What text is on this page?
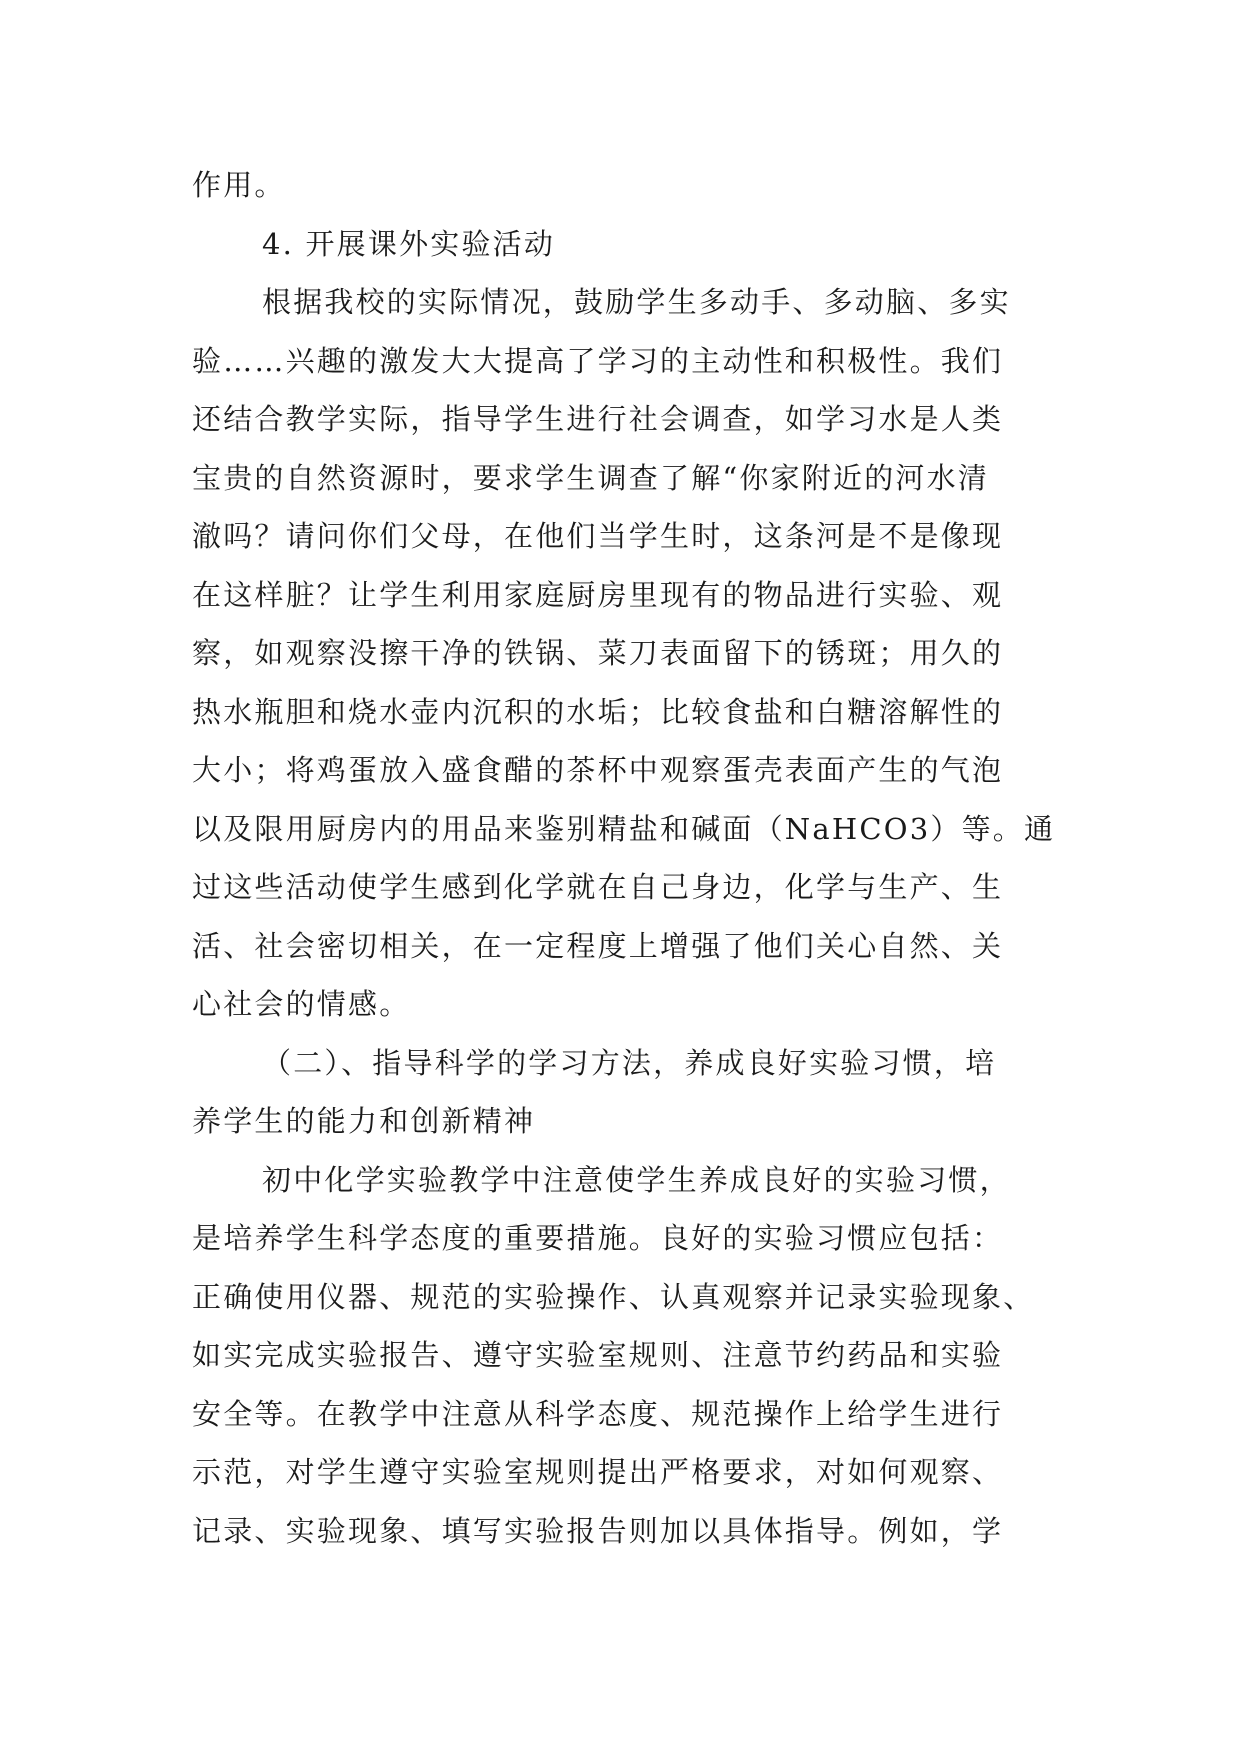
作用。
4. 开展课外实验活动
根据我校的实际情况，鼓励学生多动手、多动脑、多实
验……兴趣的激发大大提高了学习的主动性和积极性。我们
还结合教学实际，指导学生进行社会调查，如学习水是人类
宝贵的自然资源时，要求学生调查了解“你家附近的河水清
澈吗？请问你们父母，在他们当学生时，这条河是不是像现
在这样脏？让学生利用家庭厨房里现有的物品进行实验、观
察，如观察没擦干净的铁锅、菜刀表面留下的锈斑；用久的
热水瓶胆和烧水壶内沉积的水垢；比较食盐和白糖溶解性的
大小；将鸡蛋放入盛食醋的茶杯中观察蛋壳表面产生的气泡
以及限用厨房内的用品来鉴别精盐和碱面（NaHCO3）等。通
过这些活动使学生感到化学就在自己身边，化学与生产、生
活、社会密切相关，在一定程度上增强了他们关心自然、关
心社会的情感。
（二）、指导科学的学习方法，养成良好实验习惯，培
养学生的能力和创新精神
初中化学实验教学中注意使学生养成良好的实验习惯，
是培养学生科学态度的重要措施。良好的实验习惯应包括：
正确使用仪器、规范的实验操作、认真观察并记录实验现象、
如实完成实验报告、遵守实验室规则、注意节约药品和实验
安全等。在教学中注意从科学态度、规范操作上给学生进行
示范，对学生遵守实验室规则提出严格要求，对如何观察、
记录、实验现象、填写实验报告则加以具体指导。例如，学
